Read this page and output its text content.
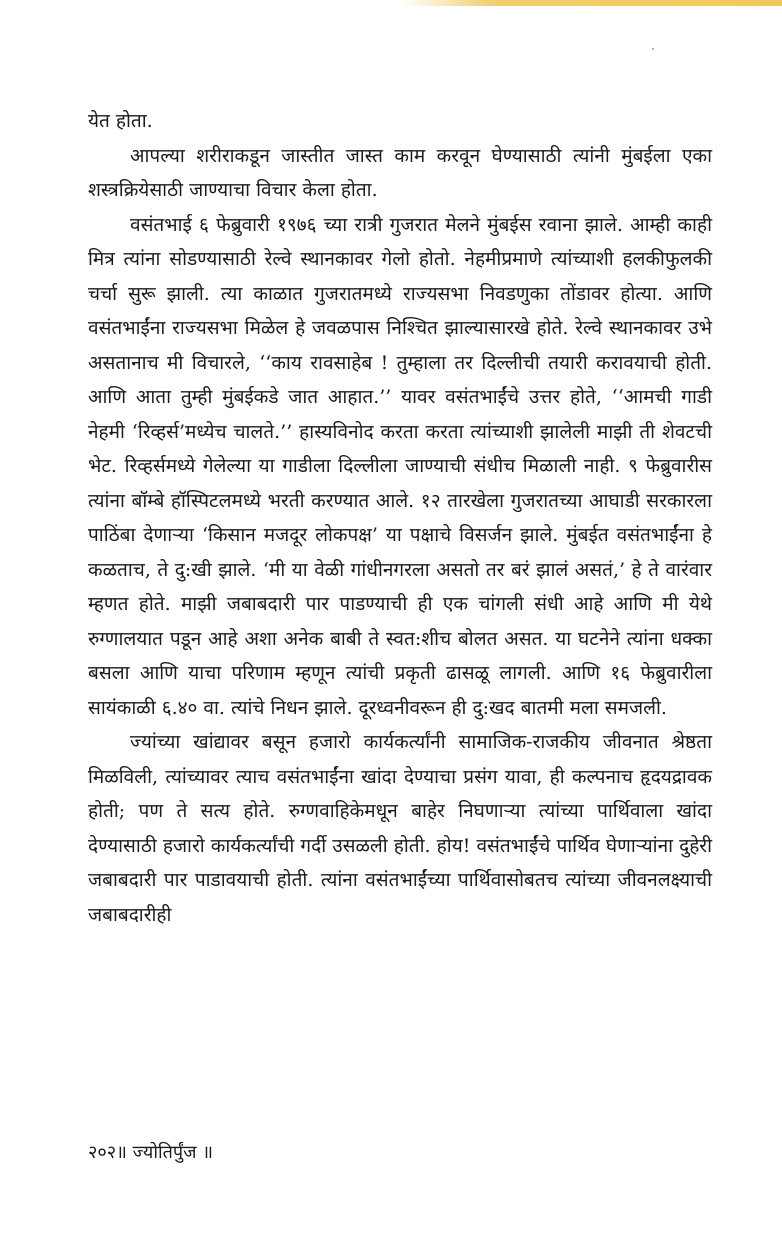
येत होता.

आपल्या शरीराकडून जास्तीत जास्त काम करवून घेण्यासाठी त्यांनी मुंबईला एका शस्त्रक्रियेसाठी जाण्याचा विचार केला होता.

वसंतभाई ६ फेब्रुवारी १९७६ च्या रात्री गुजरात मेलने मुंबईस रवाना झाले. आम्ही काही मित्र त्यांना सोडण्यासाठी रेल्वे स्थानकावर गेलो होतो. नेहमीप्रमाणे त्यांच्याशी हलकीफुलकी चर्चा सुरू झाली. त्या काळात गुजरातमध्ये राज्यसभा निवडणुका तोंडावर होत्या. आणि वसंतभाईंना राज्यसभा मिळेल हे जवळपास निश्चित झाल्यासारखे होते. रेल्वे स्थानकावर उभे असतानाच मी विचारले, ‘‘काय रावसाहेब ! तुम्हाला तर दिल्लीची तयारी करावयाची होती. आणि आता तुम्ही मुंबईकडे जात आहात.’’ यावर वसंतभाईंचे उत्तर होते, ‘‘आमची गाडी नेहमी ‘रिव्हर्स’मध्येच चालते.’’ हास्यविनोद करता करता त्यांच्याशी झालेली माझी ती शेवटची भेट. रिव्हर्समध्ये गेलेल्या या गाडीला दिल्लीला जाण्याची संधीच मिळाली नाही. ९ फेब्रुवारीस त्यांना बॉम्बे हॉस्पिटलमध्ये भरती करण्यात आले. १२ तारखेला गुजरातच्या आघाडी सरकारला पाठिंबा देणाऱ्या ‘किसान मजदूर लोकपक्ष’ या पक्षाचे विसर्जन झाले. मुंबईत वसंतभाईंना हे कळताच, ते दु:खी झाले. ‘मी या वेळी गांधीनगरला असतो तर बरं झालं असतं,’ हे ते वारंवार म्हणत होते. माझी जबाबदारी पार पाडण्याची ही एक चांगली संधी आहे आणि मी येथे रुग्णालयात पडून आहे अशा अनेक बाबी ते स्वत:शीच बोलत असत. या घटनेने त्यांना धक्का बसला आणि याचा परिणाम म्हणून त्यांची प्रकृती ढासळू लागली. आणि १६ फेब्रुवारीला सायंकाळी ६.४० वा. त्यांचे निधन झाले. दूरध्वनीवरून ही दु:खद बातमी मला समजली.

ज्यांच्या खांद्यावर बसून हजारो कार्यकर्त्यांनी सामाजिक-राजकीय जीवनात श्रेष्ठता मिळविली, त्यांच्यावर त्याच वसंतभाईंना खांदा देण्याचा प्रसंग यावा, ही कल्पनाच हृदयद्रावक होती; पण ते सत्य होते. रुग्णवाहिकेमधून बाहेर निघणाऱ्या त्यांच्या पार्थिवाला खांदा देण्यासाठी हजारो कार्यकर्त्यांची गर्दी उसळली होती. होय! वसंतभाईंचे पार्थिव घेणाऱ्यांना दुहेरी जबाबदारी पार पाडावयाची होती. त्यांना वसंतभाईंच्या पार्थिवासोबतच त्यांच्या जीवनलक्ष्याची जबाबदारीही

२०२॥ ज्योतिर्पुंज ॥
